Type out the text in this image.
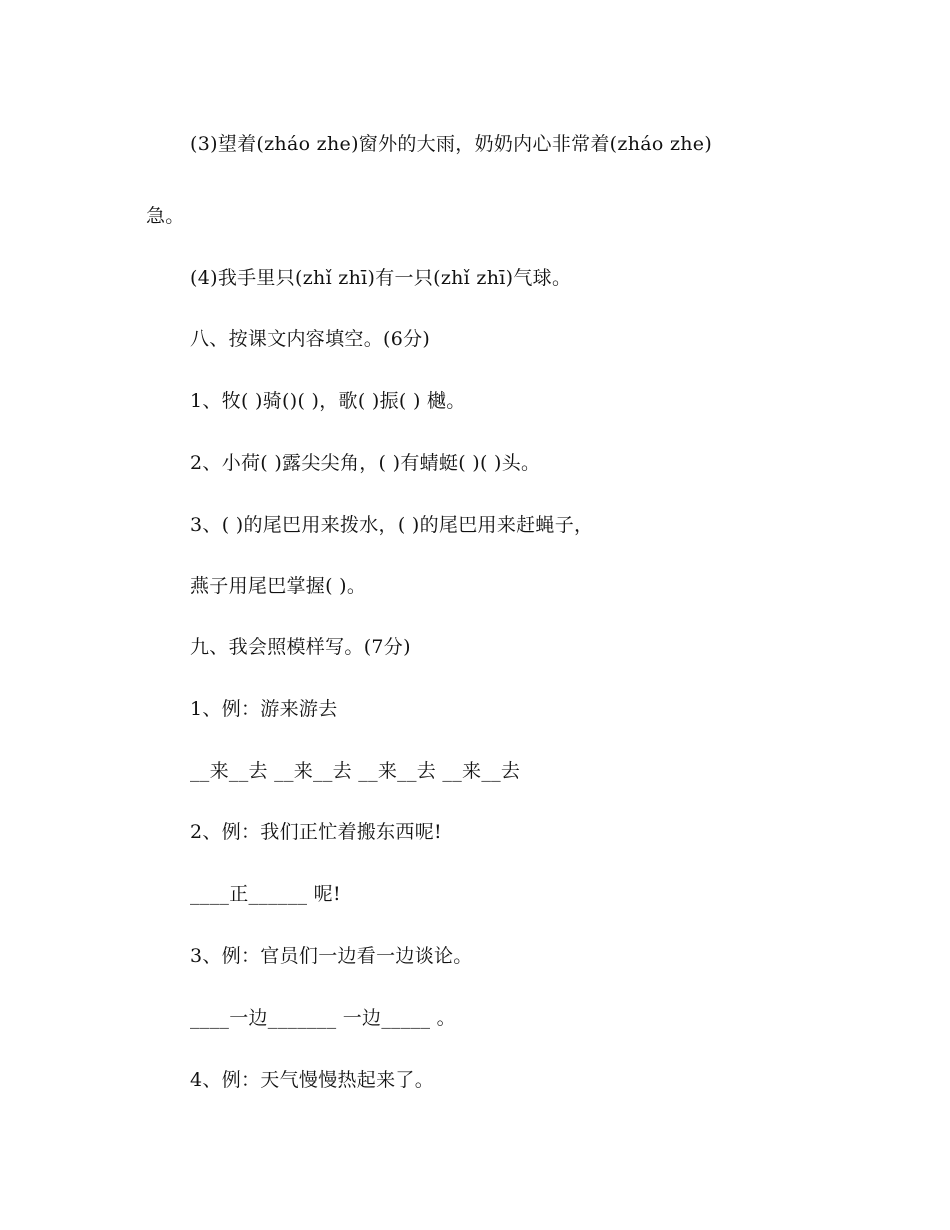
(3)望着(zháo zhe)窗外的大雨，奶奶内心非常着(zháo zhe)
急。
(4)我手里只(zhǐ zhī)有一只(zhǐ zhī)气球。
八、按课文内容填空。(6分)
1、牧( )骑()( )，歌( )振( ) 樾。
2、小荷( )露尖尖角，( )有蜻蜓( )( )头。
3、( )的尾巴用来拨水，( )的尾巴用来赶蝇子，
燕子用尾巴掌握( )。
九、我会照模样写。(7分)
1、例：游来游去
__来__去 __来__去 __来__去 __来__去
2、例：我们正忙着搬东西呢!
____正______ 呢!
3、例：官员们一边看一边谈论。
____一边_______ 一边_____ 。
4、例：天气慢慢热起来了。
